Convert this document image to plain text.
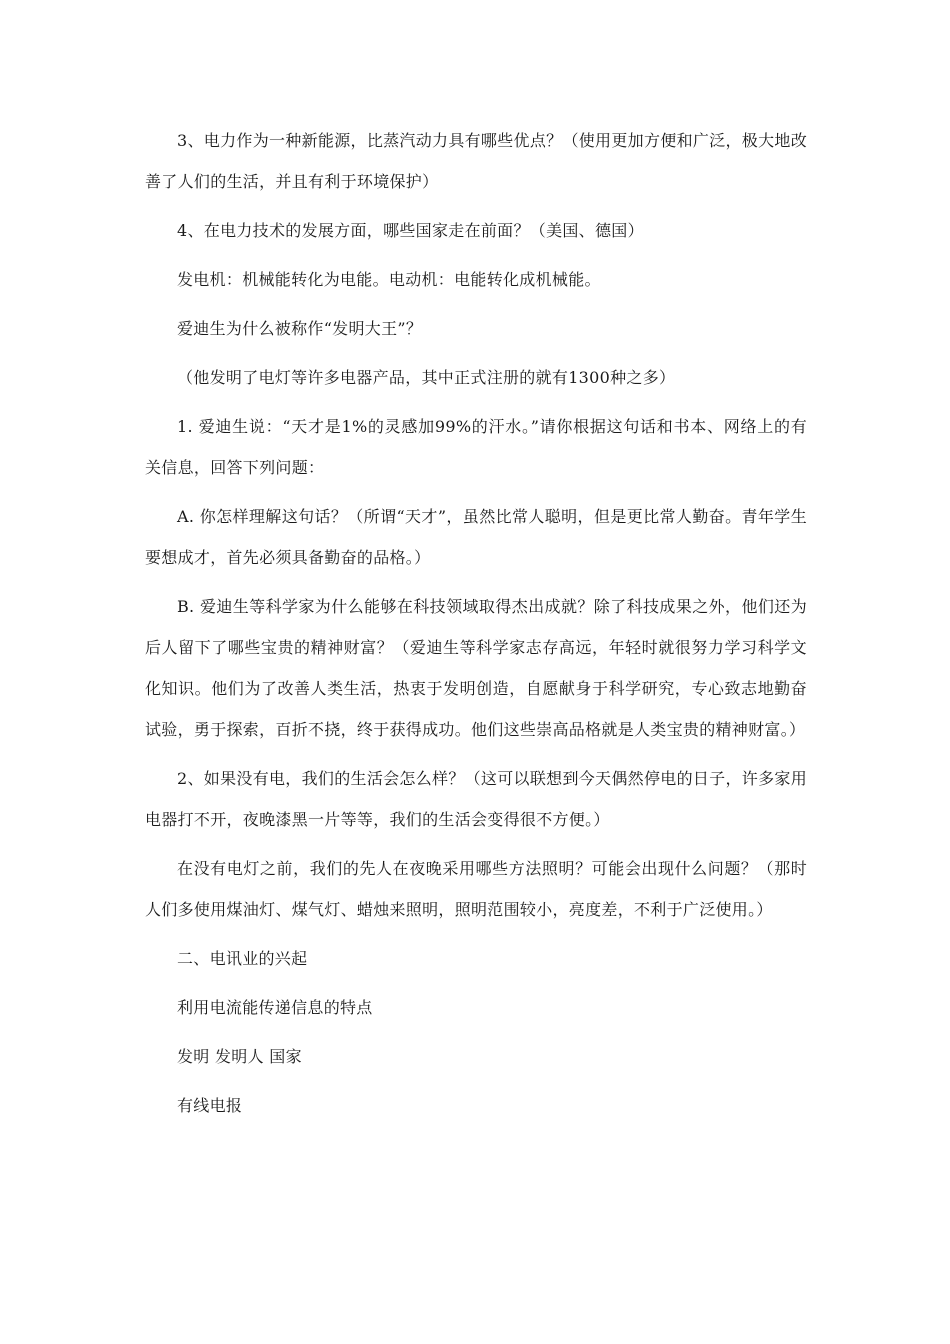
3、电力作为一种新能源，比蒸汽动力具有哪些优点？（使用更加方便和广泛，极大地改善了人们的生活，并且有利于环境保护）

4、在电力技术的发展方面，哪些国家走在前面？（美国、德国）

发电机：机械能转化为电能。电动机：电能转化成机械能。

爱迪生为什么被称作“发明大王”？

（他发明了电灯等许多电器产品，其中正式注册的就有1300种之多）

1. 爱迪生说：“天才是1%的灵感加99%的汗水。”请你根据这句话和书本、网络上的有关信息，回答下列问题：

A. 你怎样理解这句话？（所谓“天才”，虽然比常人聪明，但是更比常人勤奋。青年学生要想成才，首先必须具备勤奋的品格。）

B. 爱迪生等科学家为什么能够在科技领域取得杰出成就？除了科技成果之外，他们还为后人留下了哪些宝贵的精神财富？（爱迪生等科学家志存高远，年轻时就很努力学习科学文化知识。他们为了改善人类生活，热衷于发明创造，自愿献身于科学研究，专心致志地勤奋试验，勇于探索，百折不挠，终于获得成功。他们这些崇高品格就是人类宝贵的精神财富。）

2、如果没有电，我们的生活会怎么样？（这可以联想到今天偶然停电的日子，许多家用电器打不开，夜晚漆黑一片等等，我们的生活会变得很不方便。）

在没有电灯之前，我们的先人在夜晚采用哪些方法照明？可能会出现什么问题？（那时人们多使用煤油灯、煤气灯、蜡烛来照明，照明范围较小，亮度差，不利于广泛使用。）

二、电讯业的兴起

利用电流能传递信息的特点

发明 发明人 国家

有线电报
